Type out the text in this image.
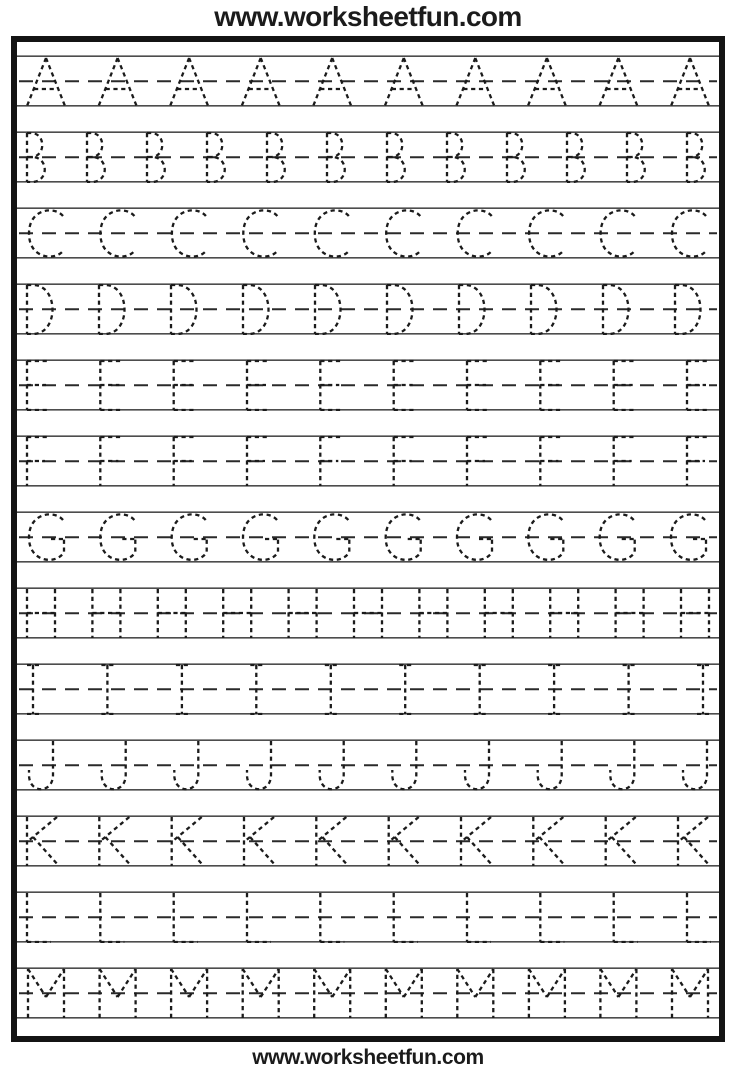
www.worksheetfun.com
www.worksheetfun.com
